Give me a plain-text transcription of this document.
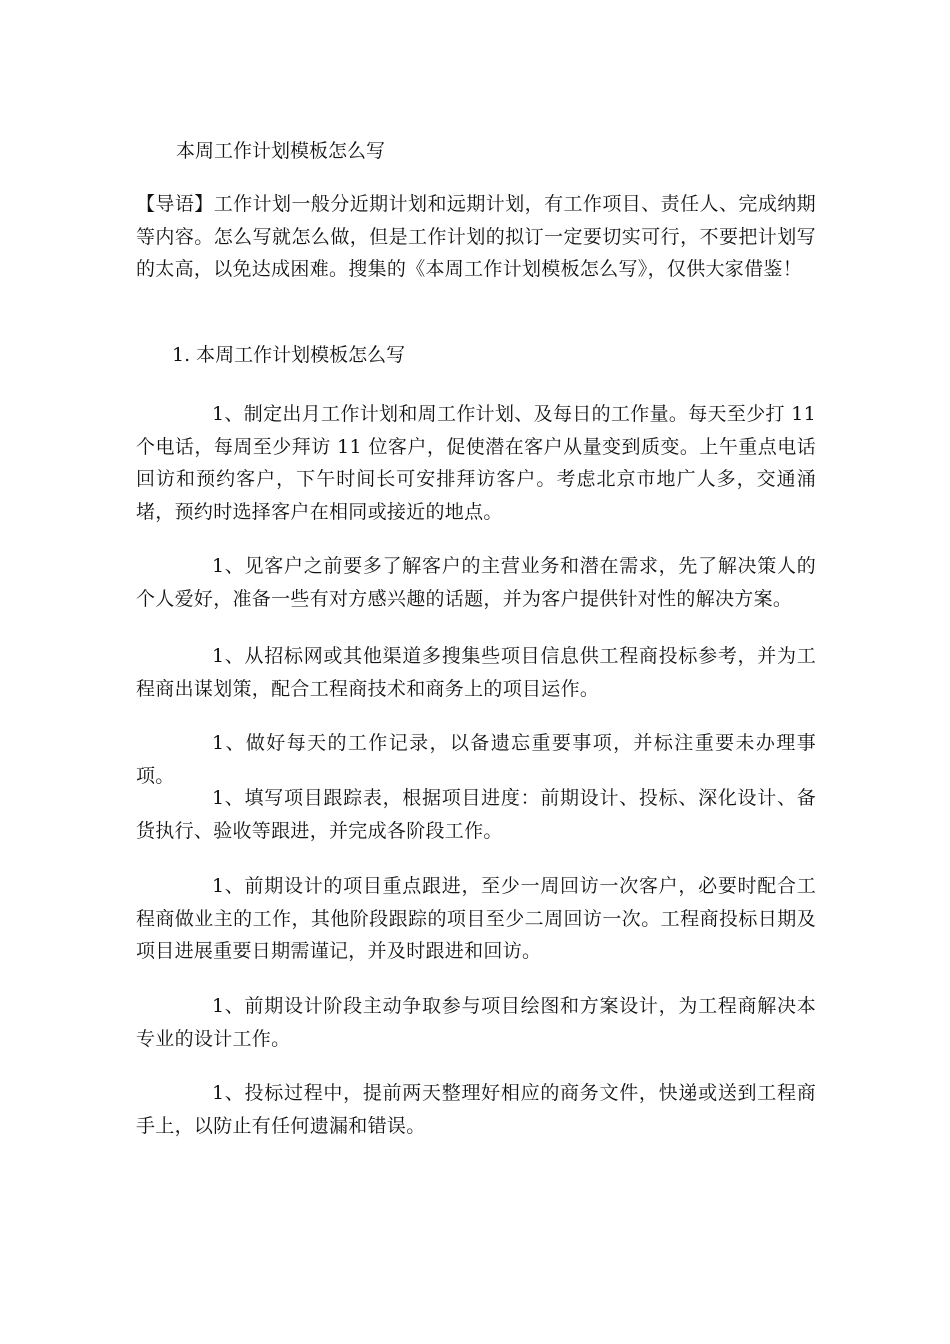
本周工作计划模板怎么写

【导语】工作计划一般分近期计划和远期计划，有工作项目、责任人、完成纳期等内容。怎么写就怎么做，但是工作计划的拟订一定要切实可行，不要把计划写的太高，以免达成困难。搜集的《本周工作计划模板怎么写》，仅供大家借鉴！

1. 本周工作计划模板怎么写

1、制定出月工作计划和周工作计划、及每日的工作量。每天至少打 11 个电话，每周至少拜访 11 位客户，促使潜在客户从量变到质变。上午重点电话回访和预约客户，下午时间长可安排拜访客户。考虑北京市地广人多，交通涌堵，预约时选择客户在相同或接近的地点。

1、见客户之前要多了解客户的主营业务和潜在需求，先了解决策人的个人爱好，准备一些有对方感兴趣的话题，并为客户提供针对性的解决方案。

1、从招标网或其他渠道多搜集些项目信息供工程商投标参考，并为工程商出谋划策，配合工程商技术和商务上的项目运作。

1、做好每天的工作记录，以备遗忘重要事项，并标注重要未办理事项。

1、填写项目跟踪表，根据项目进度：前期设计、投标、深化设计、备货执行、验收等跟进，并完成各阶段工作。

1、前期设计的项目重点跟进，至少一周回访一次客户，必要时配合工程商做业主的工作，其他阶段跟踪的项目至少二周回访一次。工程商投标日期及项目进展重要日期需谨记，并及时跟进和回访。

1、前期设计阶段主动争取参与项目绘图和方案设计，为工程商解决本专业的设计工作。

1、投标过程中，提前两天整理好相应的商务文件，快递或送到工程商手上，以防止有任何遗漏和错误。
